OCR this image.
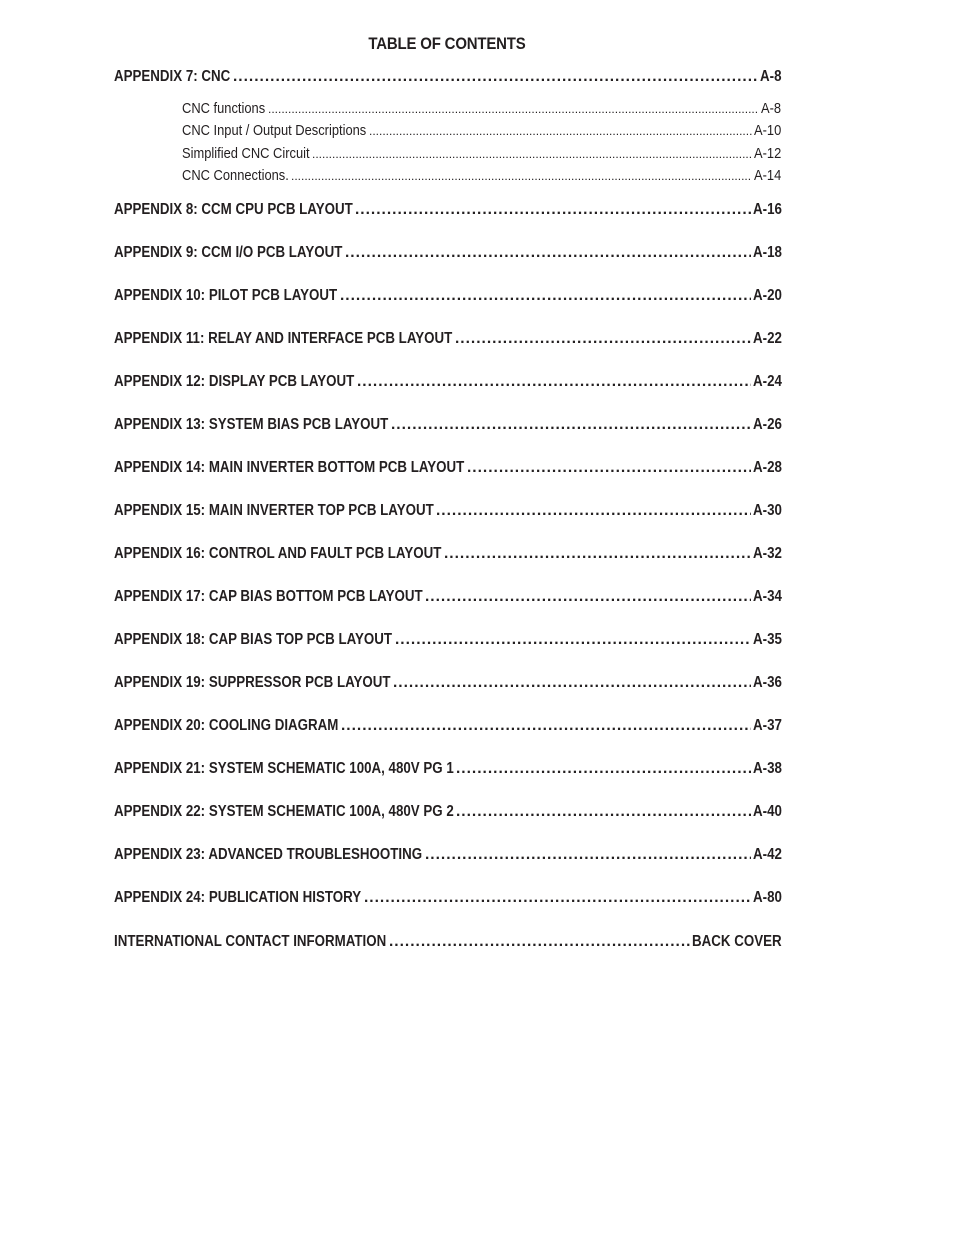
TABLE OF CONTENTS
APPENDIX 7: CNC .....	A-8
CNC functions .....	A-8
CNC Input / Output Descriptions .....	A-10
Simplified CNC Circuit .....	A-12
CNC Connections. .....	A-14
APPENDIX 8: CCM CPU PCB LAYOUT .....	A-16
APPENDIX 9: CCM I/O PCB LAYOUT .....	A-18
APPENDIX 10: PILOT PCB LAYOUT .....	A-20
APPENDIX 11: RELAY AND INTERFACE PCB LAYOUT .....	A-22
APPENDIX 12: DISPLAY PCB LAYOUT .....	A-24
APPENDIX 13: SYSTEM BIAS PCB LAYOUT .....	A-26
APPENDIX 14: MAIN INVERTER BOTTOM PCB LAYOUT .....	A-28
APPENDIX 15: MAIN INVERTER TOP PCB LAYOUT .....	A-30
APPENDIX 16: CONTROL AND FAULT PCB LAYOUT .....	A-32
APPENDIX 17: CAP BIAS BOTTOM PCB LAYOUT .....	A-34
APPENDIX 18: CAP BIAS TOP PCB LAYOUT .....	A-35
APPENDIX 19: SUPPRESSOR PCB LAYOUT .....	A-36
APPENDIX 20: COOLING DIAGRAM .....	A-37
APPENDIX 21: SYSTEM SCHEMATIC 100A, 480V PG 1 .....	A-38
APPENDIX 22: SYSTEM SCHEMATIC 100A, 480V PG 2 .....	A-40
APPENDIX 23: ADVANCED TROUBLESHOOTING .....	A-42
APPENDIX 24: PUBLICATION HISTORY .....	A-80
INTERNATIONAL CONTACT INFORMATION .....	BACK COVER
